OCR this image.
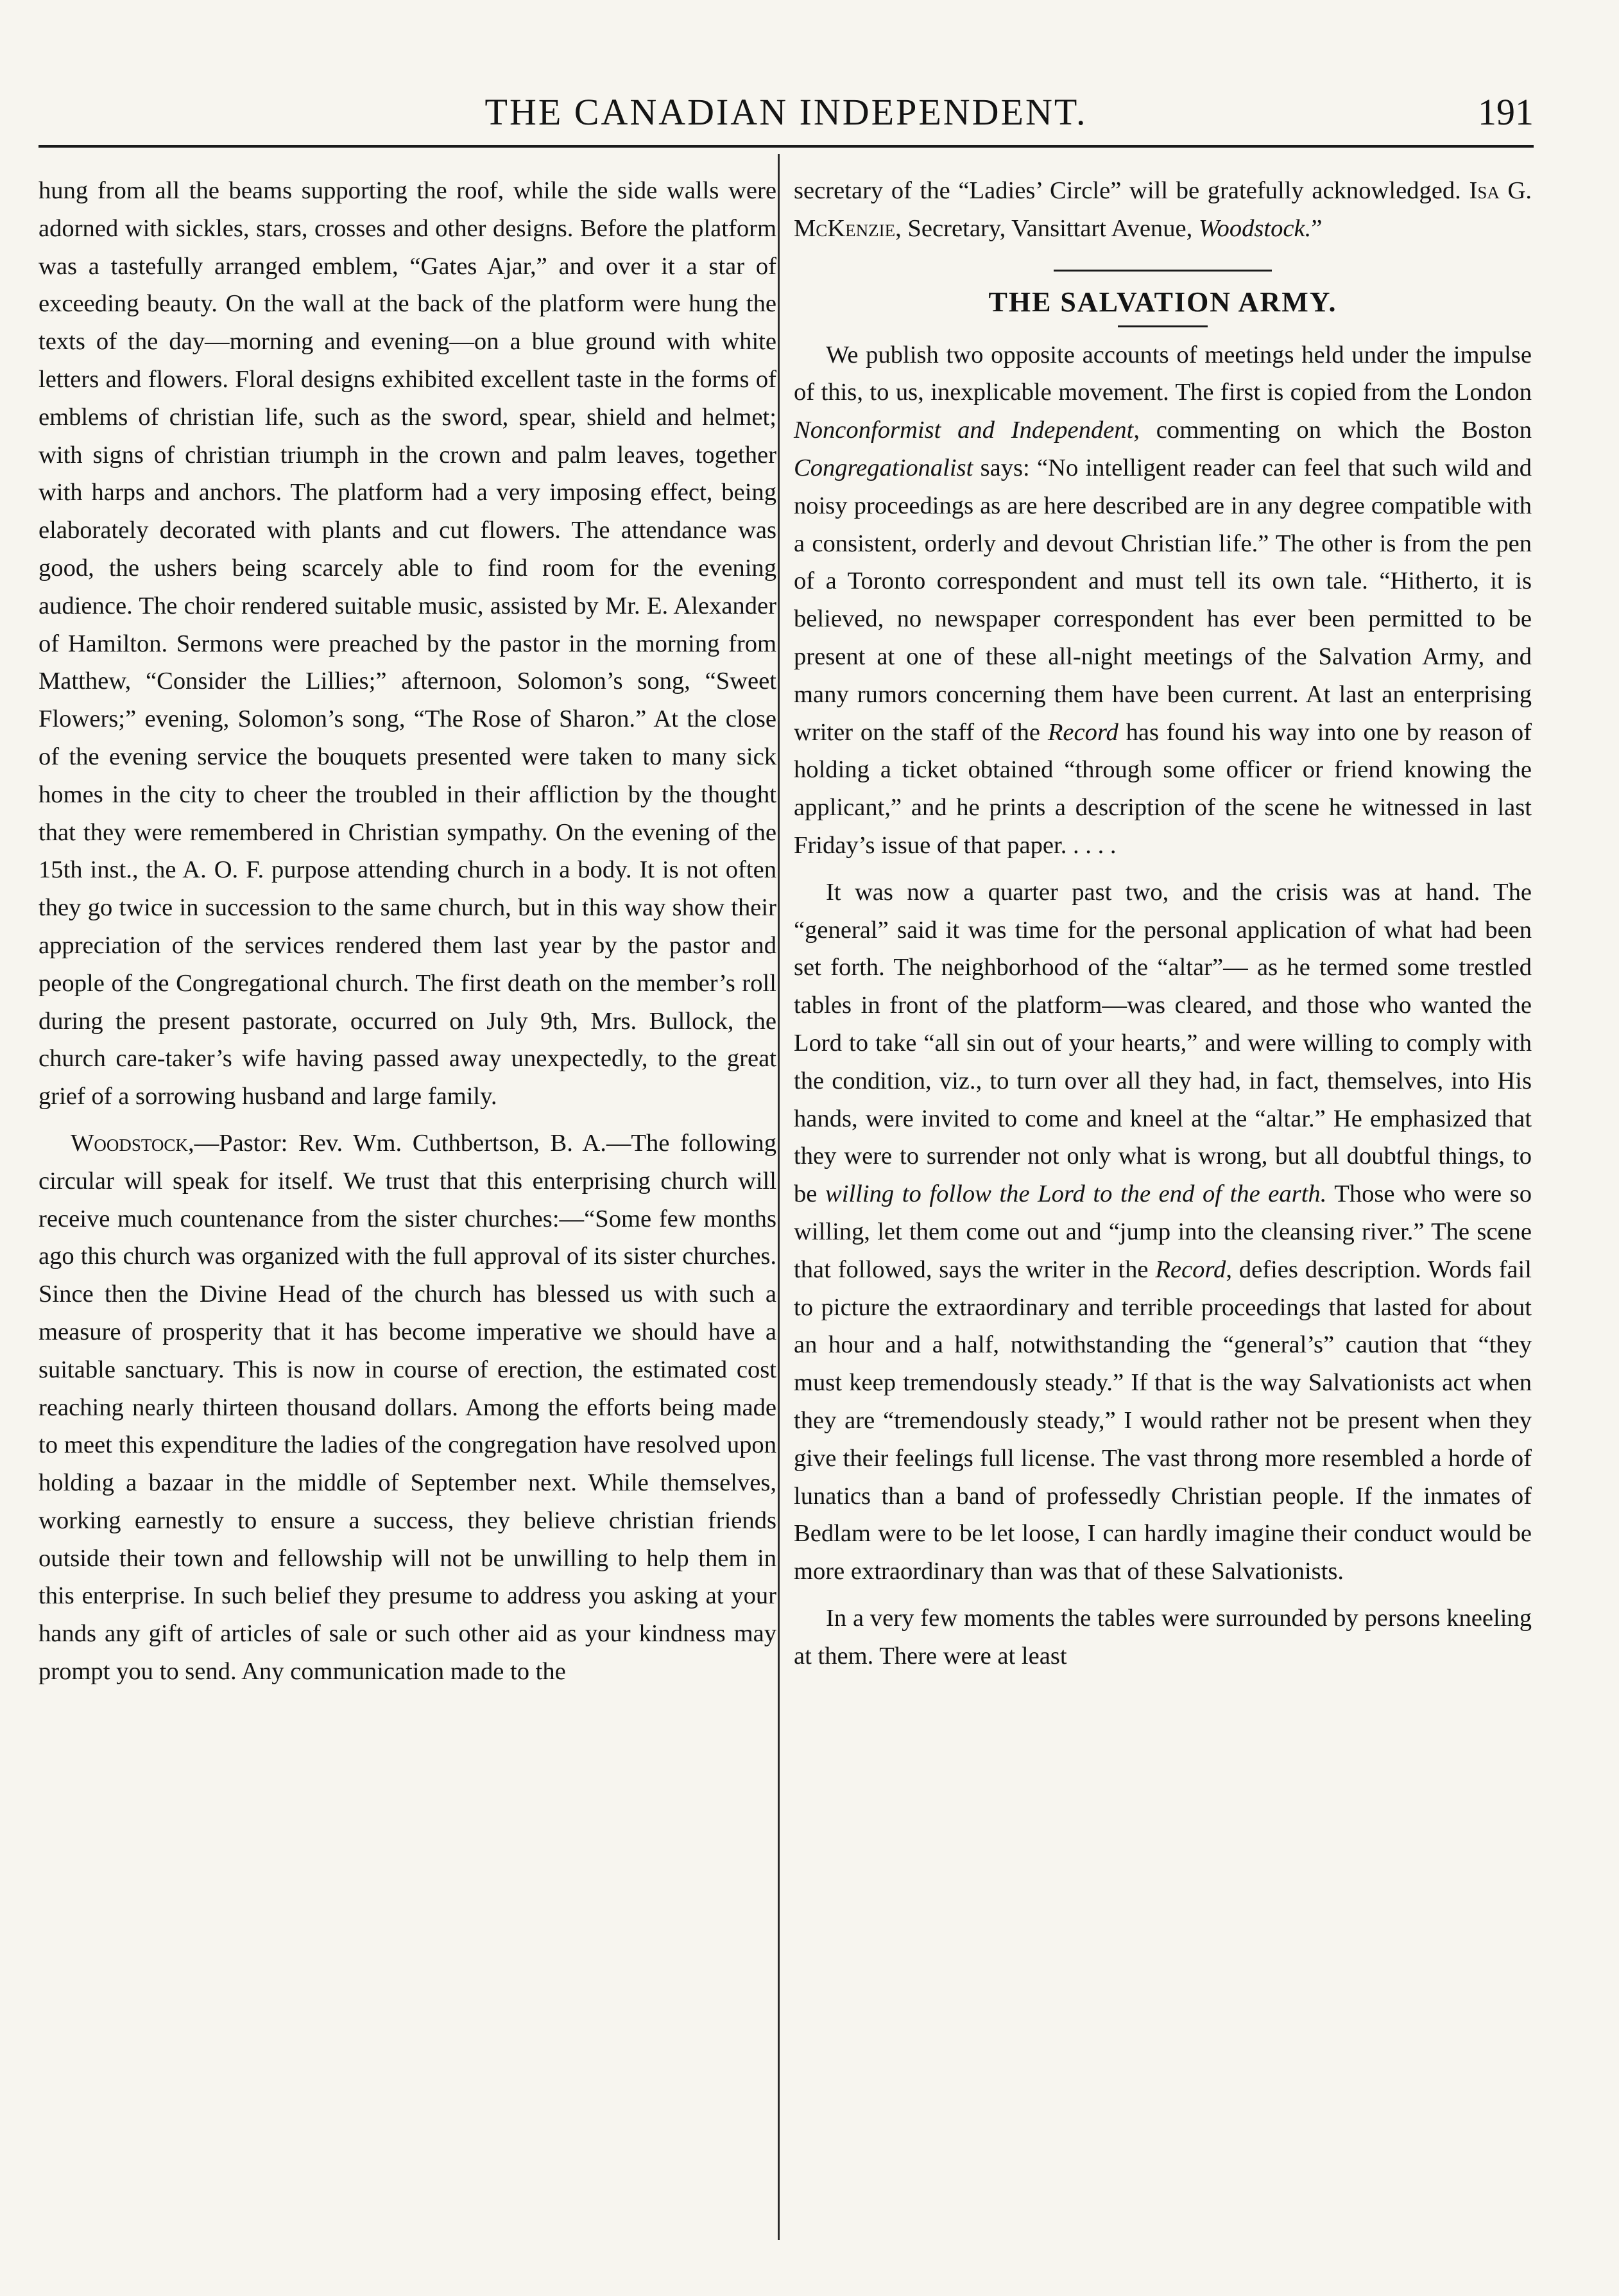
THE CANADIAN INDEPENDENT.	191

hung from all the beams supporting the roof, while the side walls were adorned with sickles, stars, crosses and other designs. Before the platform was a tastefully arranged emblem, “Gates Ajar,” and over it a star of exceeding beauty. On the wall at the back of the platform were hung the texts of the day—morning and evening—on a blue ground with white letters and flowers. Floral designs exhibited excellent taste in the forms of emblems of christian life, such as the sword, spear, shield and helmet; with signs of christian triumph in the crown and palm leaves, together with harps and anchors. The platform had a very imposing effect, being elaborately decorated with plants and cut flowers. The attendance was good, the ushers being scarcely able to find room for the evening audience. The choir rendered suitable music, assisted by Mr. E. Alexander of Hamilton. Sermons were preached by the pastor in the morning from Matthew, “Consider the Lillies;” afternoon, Solomon’s song, “Sweet Flowers;” evening, Solomon’s song, “The Rose of Sharon.” At the close of the evening service the bouquets presented were taken to many sick homes in the city to cheer the troubled in their affliction by the thought that they were remembered in Christian sympathy. On the evening of the 15th inst., the A. O. F. purpose attending church in a body. It is not often they go twice in succession to the same church, but in this way show their appreciation of the services rendered them last year by the pastor and people of the Congregational church. The first death on the member’s roll during the present pastorate, occurred on July 9th, Mrs. Bullock, the church care-taker’s wife having passed away unexpectedly, to the great grief of a sorrowing husband and large family.

Woodstock,—Pastor: Rev. Wm. Cuthbertson, B. A.—The following circular will speak for itself. We trust that this enterprising church will receive much countenance from the sister churches:—“Some few months ago this church was organized with the full approval of its sister churches. Since then the Divine Head of the church has blessed us with such a measure of prosperity that it has become imperative we should have a suitable sanctuary. This is now in course of erection, the estimated cost reaching nearly thirteen thousand dollars. Among the efforts being made to meet this expenditure the ladies of the congregation have resolved upon holding a bazaar in the middle of September next. While themselves, working earnestly to ensure a success, they believe christian friends outside their town and fellowship will not be unwilling to help them in this enterprise. In such belief they presume to address you asking at your hands any gift of articles of sale or such other aid as your kindness may prompt you to send. Any communication made to the

secretary of the “Ladies’ Circle” will be gratefully acknowledged. Isa G. McKenzie, Secretary, Vansittart Avenue, Woodstock.”

THE SALVATION ARMY.

We publish two opposite accounts of meetings held under the impulse of this, to us, inexplicable movement. The first is copied from the London Nonconformist and Independent, commenting on which the Boston Congregationalist says: “No intelligent reader can feel that such wild and noisy proceedings as are here described are in any degree compatible with a consistent, orderly and devout Christian life.” The other is from the pen of a Toronto correspondent and must tell its own tale. “Hitherto, it is believed, no newspaper correspondent has ever been permitted to be present at one of these all-night meetings of the Salvation Army, and many rumors concerning them have been current. At last an enterprising writer on the staff of the Record has found his way into one by reason of holding a ticket obtained “through some officer or friend knowing the applicant,” and he prints a description of the scene he witnessed in last Friday’s issue of that paper. . . . .

It was now a quarter past two, and the crisis was at hand. The “general” said it was time for the personal application of what had been set forth. The neighborhood of the “altar”— as he termed some trestled tables in front of the platform—was cleared, and those who wanted the Lord to take “all sin out of your hearts,” and were willing to comply with the condition, viz., to turn over all they had, in fact, themselves, into His hands, were invited to come and kneel at the “altar.” He emphasized that they were to surrender not only what is wrong, but all doubtful things, to be willing to follow the Lord to the end of the earth. Those who were so willing, let them come out and “jump into the cleansing river.” The scene that followed, says the writer in the Record, defies description. Words fail to picture the extraordinary and terrible proceedings that lasted for about an hour and a half, notwithstanding the “general’s” caution that “they must keep tremendously steady.” If that is the way Salvationists act when they are “tremendously steady,” I would rather not be present when they give their feelings full license. The vast throng more resembled a horde of lunatics than a band of professedly Christian people. If the inmates of Bedlam were to be let loose, I can hardly imagine their conduct would be more extraordinary than was that of these Salvationists.

In a very few moments the tables were surrounded by persons kneeling at them. There were at least
